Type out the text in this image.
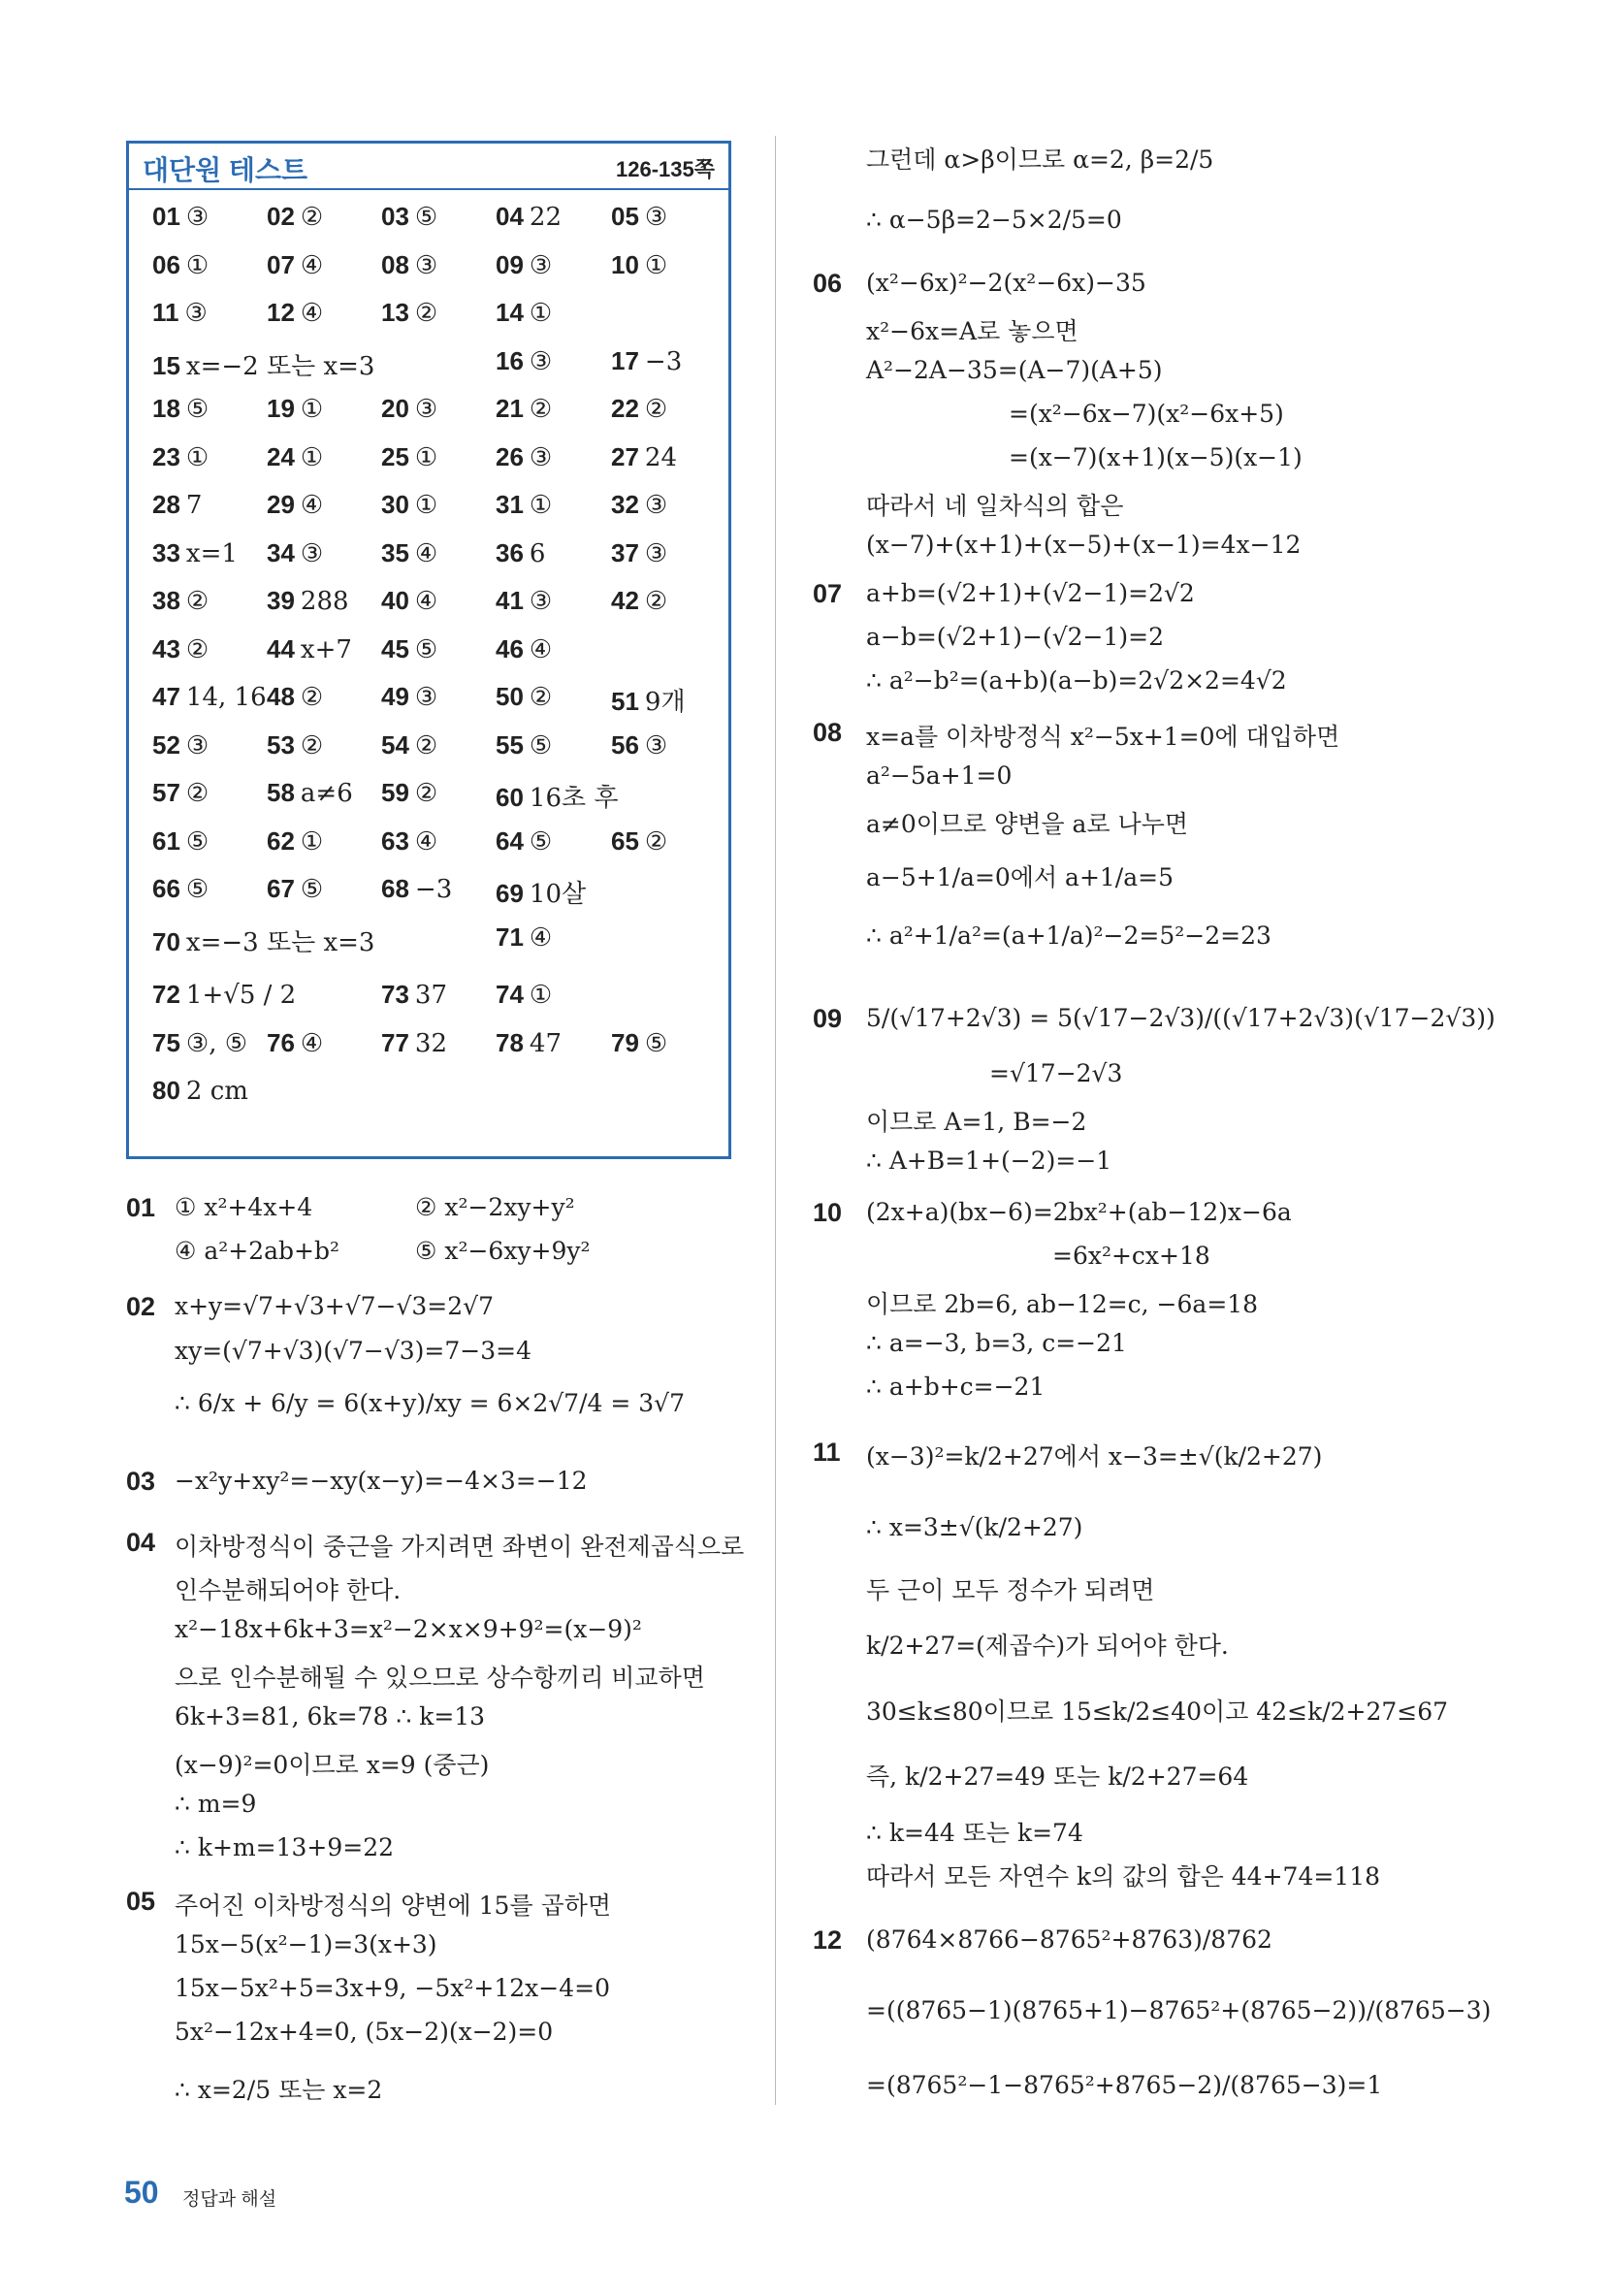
대단원 테스트	126-135쪽
01 ③ 02 ② 03 ⑤ 04 22 05 ③
06 ① 07 ④ 08 ③ 09 ③ 10 ①
11 ③ 12 ④ 13 ② 14 ①
15 x=−2 또는 x=3	16 ③ 17 −3
18 ⑤ 19 ① 20 ③ 21 ② 22 ②
23 ① 24 ① 25 ① 26 ③ 27 24
28 7	29 ④ 30 ① 31 ① 32 ③
33 x=1 34 ③ 35 ④ 36 6	37 ③
38 ② 39 288 40 ④ 41 ③ 42 ②
43 ② 44 x+7 45 ⑤ 46 ④
47 14, 16 48 ② 49 ③ 50 ② 51 9개
52 ③ 53 ② 54 ② 55 ⑤ 56 ③
57 ② 58 a≠6 59 ② 60 16초 후
61 ⑤ 62 ① 63 ④ 64 ⑤ 65 ②
66 ⑤ 67 ⑤ 68 −3 69 10살
70 x=−3 또는 x=3	71 ④
72 1+√5 / 2	73 37 74 ①
75 ③, ⑤ 76 ④ 77 32 78 47 79 ⑤
80 2 cm
01 ① x²+4x+4	② x²−2xy+y²
④ a²+2ab+b²	⑤ x²−6xy+9y²
02 x+y=√7+√3+√7−√3=2√7
xy=(√7+√3)(√7−√3)=7−3=4
∴ 6/x + 6/y = 6(x+y)/xy = 6×2√7/4 = 3√7
03 −x²y+xy²=−xy(x−y)=−4×3=−12
04 이차방정식이 중근을 가지려면 좌변이 완전제곱식으로
인수분해되어야 한다.
x²−18x+6k+3=x²−2×x×9+9²=(x−9)²
으로 인수분해될 수 있으므로 상수항끼리 비교하면
6k+3=81, 6k=78 ∴ k=13
(x−9)²=0이므로 x=9 (중근)
∴ m=9
∴ k+m=13+9=22
05 주어진 이차방정식의 양변에 15를 곱하면
15x−5(x²−1)=3(x+3)
15x−5x²+5=3x+9, −5x²+12x−4=0
5x²−12x+4=0, (5x−2)(x−2)=0
∴ x=2/5 또는 x=2
그런데 α>β이므로 α=2, β=2/5
∴ α−5β=2−5×2/5=0
06 (x²−6x)²−2(x²−6x)−35
x²−6x=A로 놓으면
A²−2A−35=(A−7)(A+5)
=(x²−6x−7)(x²−6x+5)
=(x−7)(x+1)(x−5)(x−1)
따라서 네 일차식의 합은
(x−7)+(x+1)+(x−5)+(x−1)=4x−12
07 a+b=(√2+1)+(√2−1)=2√2
a−b=(√2+1)−(√2−1)=2
∴ a²−b²=(a+b)(a−b)=2√2×2=4√2
08 x=a를 이차방정식 x²−5x+1=0에 대입하면
a²−5a+1=0
a≠0이므로 양변을 a로 나누면
a−5+1/a=0에서 a+1/a=5
∴ a²+1/a²=(a+1/a)²−2=5²−2=23
09 5/(√17+2√3) = 5(√17−2√3)/((√17+2√3)(√17−2√3))
=√17−2√3
이므로 A=1, B=−2
∴ A+B=1+(−2)=−1
10 (2x+a)(bx−6)=2bx²+(ab−12)x−6a
=6x²+cx+18
이므로 2b=6, ab−12=c, −6a=18
∴ a=−3, b=3, c=−21
∴ a+b+c=−21
11 (x−3)²=k/2+27에서 x−3=±√(k/2+27)
∴ x=3±√(k/2+27)
두 근이 모두 정수가 되려면
k/2+27=(제곱수)가 되어야 한다.
30≤k≤80이므로 15≤k/2≤40이고 42≤k/2+27≤67
즉, k/2+27=49 또는 k/2+27=64
∴ k=44 또는 k=74
따라서 모든 자연수 k의 값의 합은 44+74=118
12 (8764×8766−8765²+8763)/8762
=((8765−1)(8765+1)−8765²+(8765−2))/(8765−3)
=(8765²−1−8765²+8765−2)/(8765−3)=1
50 정답과 해설
